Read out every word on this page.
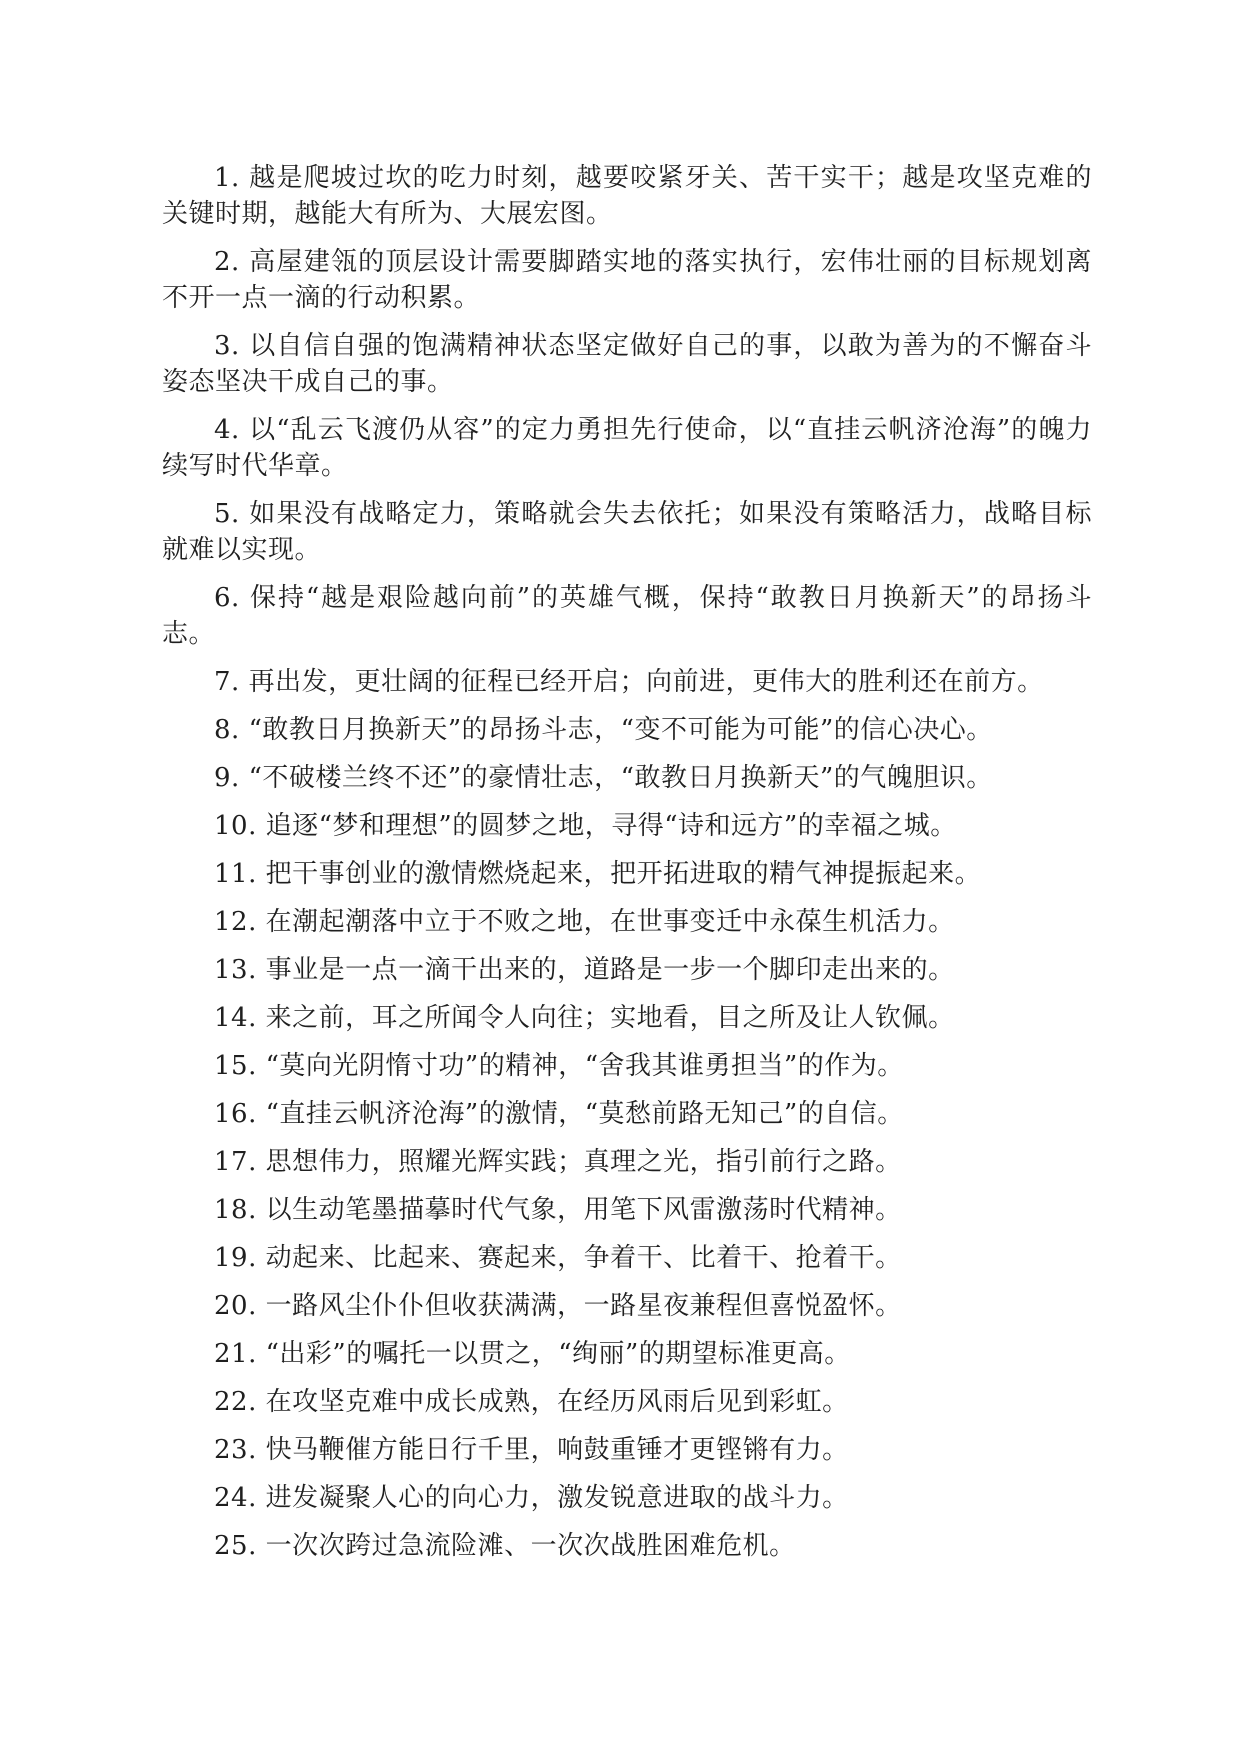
1. 越是爬坡过坎的吃力时刻，越要咬紧牙关、苦干实干；越是攻坚克难的关键时期，越能大有所为、大展宏图。

2. 高屋建瓴的顶层设计需要脚踏实地的落实执行，宏伟壮丽的目标规划离不开一点一滴的行动积累。

3. 以自信自强的饱满精神状态坚定做好自己的事，以敢为善为的不懈奋斗姿态坚决干成自己的事。

4. 以“乱云飞渡仍从容”的定力勇担先行使命，以“直挂云帆济沧海”的魄力续写时代华章。

5. 如果没有战略定力，策略就会失去依托；如果没有策略活力，战略目标就难以实现。

6. 保持“越是艰险越向前”的英雄气概，保持“敢教日月换新天”的昂扬斗志。

7. 再出发，更壮阔的征程已经开启；向前进，更伟大的胜利还在前方。

8. “敢教日月换新天”的昂扬斗志，“变不可能为可能”的信心决心。

9. “不破楼兰终不还”的豪情壮志，“敢教日月换新天”的气魄胆识。

10. 追逐“梦和理想”的圆梦之地，寻得“诗和远方”的幸福之城。

11. 把干事创业的激情燃烧起来，把开拓进取的精气神提振起来。

12. 在潮起潮落中立于不败之地，在世事变迁中永葆生机活力。

13. 事业是一点一滴干出来的，道路是一步一个脚印走出来的。

14. 来之前，耳之所闻令人向往；实地看，目之所及让人钦佩。

15. “莫向光阴惰寸功”的精神，“舍我其谁勇担当”的作为。

16. “直挂云帆济沧海”的激情，“莫愁前路无知己”的自信。

17. 思想伟力，照耀光辉实践；真理之光，指引前行之路。

18. 以生动笔墨描摹时代气象，用笔下风雷激荡时代精神。

19. 动起来、比起来、赛起来，争着干、比着干、抢着干。

20. 一路风尘仆仆但收获满满，一路星夜兼程但喜悦盈怀。

21. “出彩”的嘱托一以贯之，“绚丽”的期望标准更高。

22. 在攻坚克难中成长成熟，在经历风雨后见到彩虹。

23. 快马鞭催方能日行千里，响鼓重锤才更铿锵有力。

24. 进发凝聚人心的向心力，激发锐意进取的战斗力。

25. 一次次跨过急流险滩、一次次战胜困难危机。
